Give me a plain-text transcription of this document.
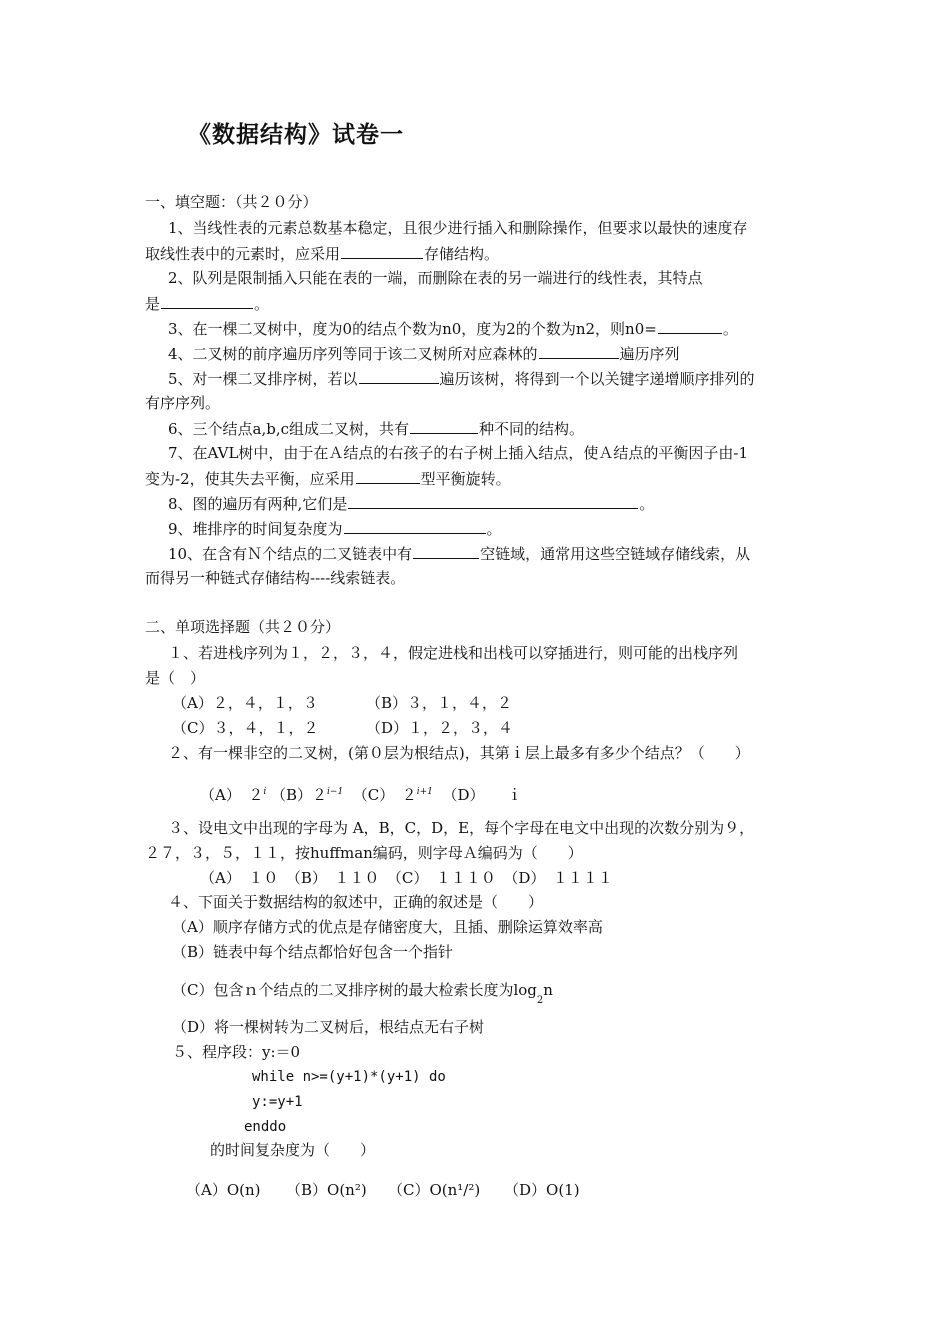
《数据结构》试卷一
一、填空题：（共２０分）
1、当线性表的元素总数基本稳定，且很少进行插入和删除操作，但要求以最快的速度存
取线性表中的元素时，应采用	存储结构。
2、队列是限制插入只能在表的一端，而删除在表的另一端进行的线性表，其特点
是	。
3、在一棵二叉树中，度为0的结点个数为n0，度为2的个数为n2，则n0=	。
4、二叉树的前序遍历序列等同于该二叉树所对应森林的	遍历序列
5、对一棵二叉排序树，若以	遍历该树，将得到一个以关键字递增顺序排列的
有序序列。
6、三个结点a,b,c组成二叉树，共有	种不同的结构。
7、在AVL树中，由于在Ａ结点的右孩子的右子树上插入结点，使Ａ结点的平衡因子由-1
变为-2，使其失去平衡，应采用	型平衡旋转。
8、图的遍历有两种,它们是	。
9、堆排序的时间复杂度为	。
10、在含有Ｎ个结点的二叉链表中有	空链域，通常用这些空链域存储线索，从
而得另一种链式存储结构----线索链表。
二、单项选择题（共２０分）
１、若进栈序列为１，２，３，４，假定进栈和出栈可以穿插进行，则可能的出栈序列
是（　）
（A）２，４，１，３	（B）３，１，４，２
（C）３，４，１，２	（D）１，２，３，４
２、有一棵非空的二叉树，(第０层为根结点)，其第ｉ层上最多有多少个结点？（　　）
（A）　２$^i$ $(B)2^{i-1}$ （C）　$2^{i+1}$ （D）　　ｉ
３、设电文中出现的字母为 A，B，C，D，E，每个字母在电文中出现的次数分别为９，
２７，３，５，１１，按huffman编码，则字母Ａ编码为（　　）
（A）　１０　（B）　１１０　（C）　１１１０　（D）　１１１１
４、下面关于数据结构的叙述中，正确的叙述是（　　）
（A）顺序存储方式的优点是存储密度大，且插、删除运算效率高
（B）链表中每个结点都恰好包含一个指针
（C）包含ｎ个结点的二叉排序树的最大检索长度为$\log_2n$
（D）将一棵树转为二叉树后，根结点无右子树
５、程序段：y:＝0
while n>=(y+1)*(y+1) do
y:=y+1
enddo
的时间复杂度为（　　）
（A）O(n) （B）O(n²) （C）O(n¹/²) （D）O(1)
